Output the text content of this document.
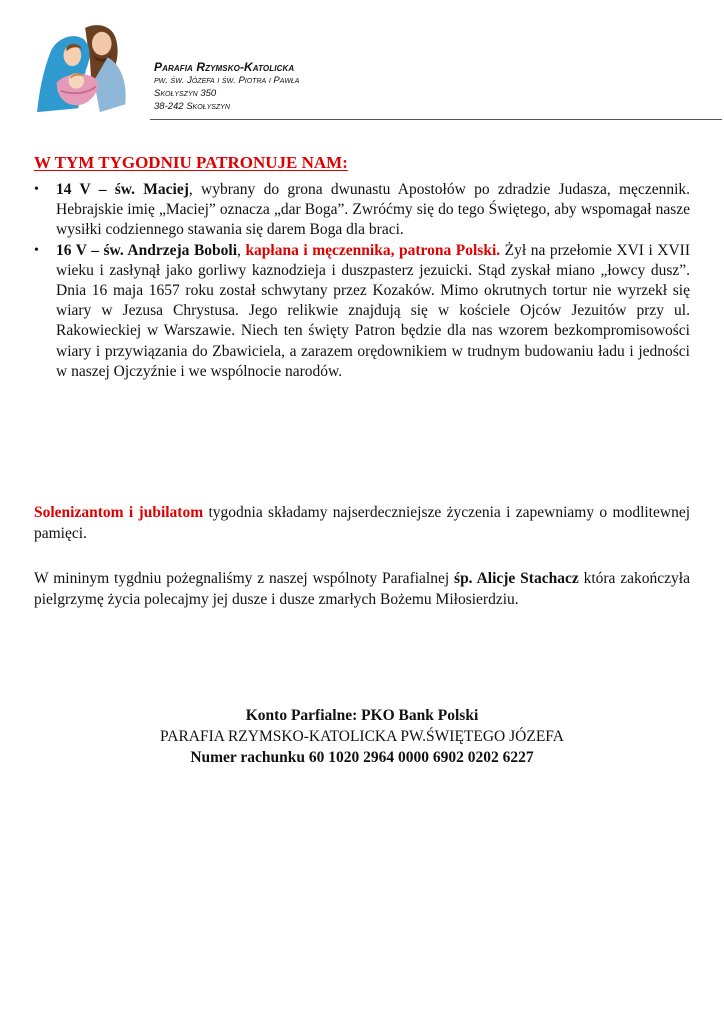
Parafia Rzymsko-Katolicka
pw. św. Józefa i św. Piotra i Pawła
Skołyszyn 350
38-242 Skołyszyn
W TYM TYGODNIU PATRONUJE NAM:
• 14 V – św. Maciej, wybrany do grona dwunastu Apostołów po zdradzie Judasza, męczennik. Hebrajskie imię „Maciej” oznacza „dar Boga”. Zwróćmy się do tego Świętego, aby wspomagał nasze wysiłki codziennego stawania się darem Boga dla braci.
• 16 V – św. Andrzeja Boboli, kapłana i męczennika, patrona Polski. Żył na przełomie XVI i XVII wieku i zasłynął jako gorliwy kaznodzieja i duszpasterz jezuicki. Stąd zyskał miano „łowcy dusz”. Dnia 16 maja 1657 roku został schwytany przez Kozaków. Mimo okrutnych tortur nie wyrzekł się wiary w Jezusa Chrystusa. Jego relikwie znajdują się w kościele Ojców Jezuitów przy ul. Rakowieckiej w Warszawie. Niech ten święty Patron będzie dla nas wzorem bezkompromisowości wiary i przywiązania do Zbawiciela, a zarazem orędownikiem w trudnym budowaniu ładu i jedności w naszej Ojczyźnie i we wspólnocie narodów.
Solenizantom i jubilatom tygodnia składamy najserdeczniejsze życzenia i zapewniamy o modlitewnej pamięci.
W mininym tygdniu pożegnaliśmy z naszej wspólnoty Parafialnej śp. Alicje Stachacz która zakończyła pielgrzymę życia polecajmy jej dusze i dusze zmarłych Bożemu Miłosierdziu.
Konto Parfialne: PKO Bank Polski
PARAFIA RZYMSKO-KATOLICKA PW.ŚWIĘTEGO JÓZEFA
Numer rachunku 60 1020 2964 0000 6902 0202 6227
